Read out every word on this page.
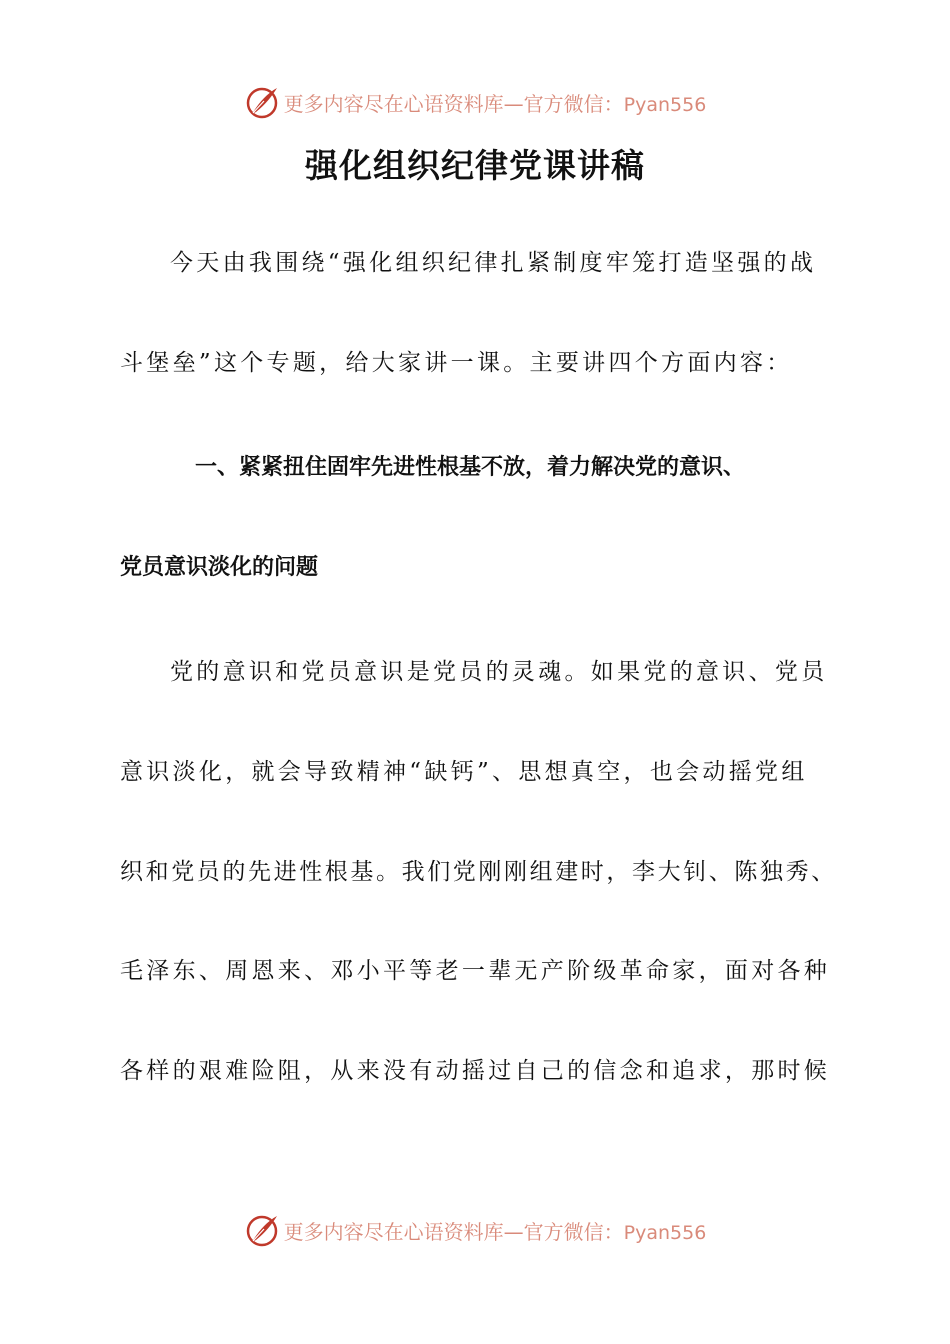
更多内容尽在心语资料库—官方微信：Pyan556
强化组织纪律党课讲稿
今天由我围绕“强化组织纪律扎紧制度牢笼打造坚强的战
斗堡垒”这个专题，给大家讲一课。主要讲四个方面内容：
一、紧紧扭住固牢先进性根基不放，着力解决党的意识、
党员意识淡化的问题
党的意识和党员意识是党员的灵魂。如果党的意识、党员
意识淡化，就会导致精神“缺钙”、思想真空，也会动摇党组
织和党员的先进性根基。我们党刚刚组建时，李大钊、陈独秀、
毛泽东、周恩来、邓小平等老一辈无产阶级革命家，面对各种
各样的艰难险阻，从来没有动摇过自己的信念和追求，那时候
更多内容尽在心语资料库—官方微信：Pyan556
